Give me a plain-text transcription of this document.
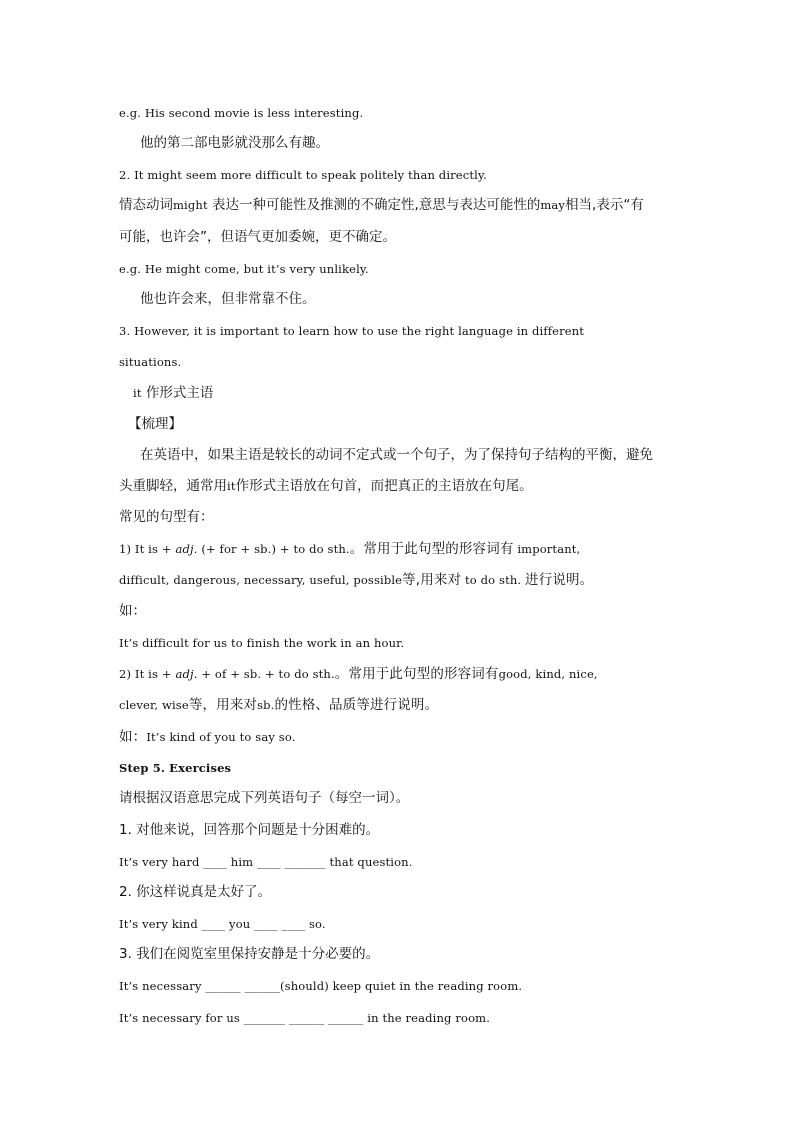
e.g. His second movie is less interesting.
他的第二部电影就没那么有趣。
2. It might seem more difficult to speak politely than directly.
情态动词might 表达一种可能性及推测的不确定性,意思与表达可能性的may相当,表示“有
可能，也许会”，但语气更加委婉，更不确定。
e.g. He might come, but it’s very unlikely.
他也许会来，但非常靠不住。
3. However, it is important to learn how to use the right language in different
situations.
it 作形式主语
【梳理】
在英语中，如果主语是较长的动词不定式或一个句子，为了保持句子结构的平衡，避免
头重脚轻，通常用it作形式主语放在句首，而把真正的主语放在句尾。
常见的句型有：
1) It is + adj. (+ for + sb.) + to do sth.。常用于此句型的形容词有 important,
difficult, dangerous, necessary, useful, possible等,用来对 to do sth. 进行说明。
如：
It’s difficult for us to finish the work in an hour.
2) It is + adj. + of + sb. + to do sth.。常用于此句型的形容词有good, kind, nice,
clever, wise等，用来对sb.的性格、品质等进行说明。
如：It’s kind of you to say so.
Step 5. Exercises
请根据汉语意思完成下列英语句子（每空一词）。
1. 对他来说，回答那个问题是十分困难的。
It’s very hard ____ him ____ _______ that question.
2. 你这样说真是太好了。
It’s very kind ____ you ____ ____ so.
3. 我们在阅览室里保持安静是十分必要的。
It’s necessary ______ ______(should) keep quiet in the reading room.
It’s necessary for us _______ ______ ______ in the reading room.
